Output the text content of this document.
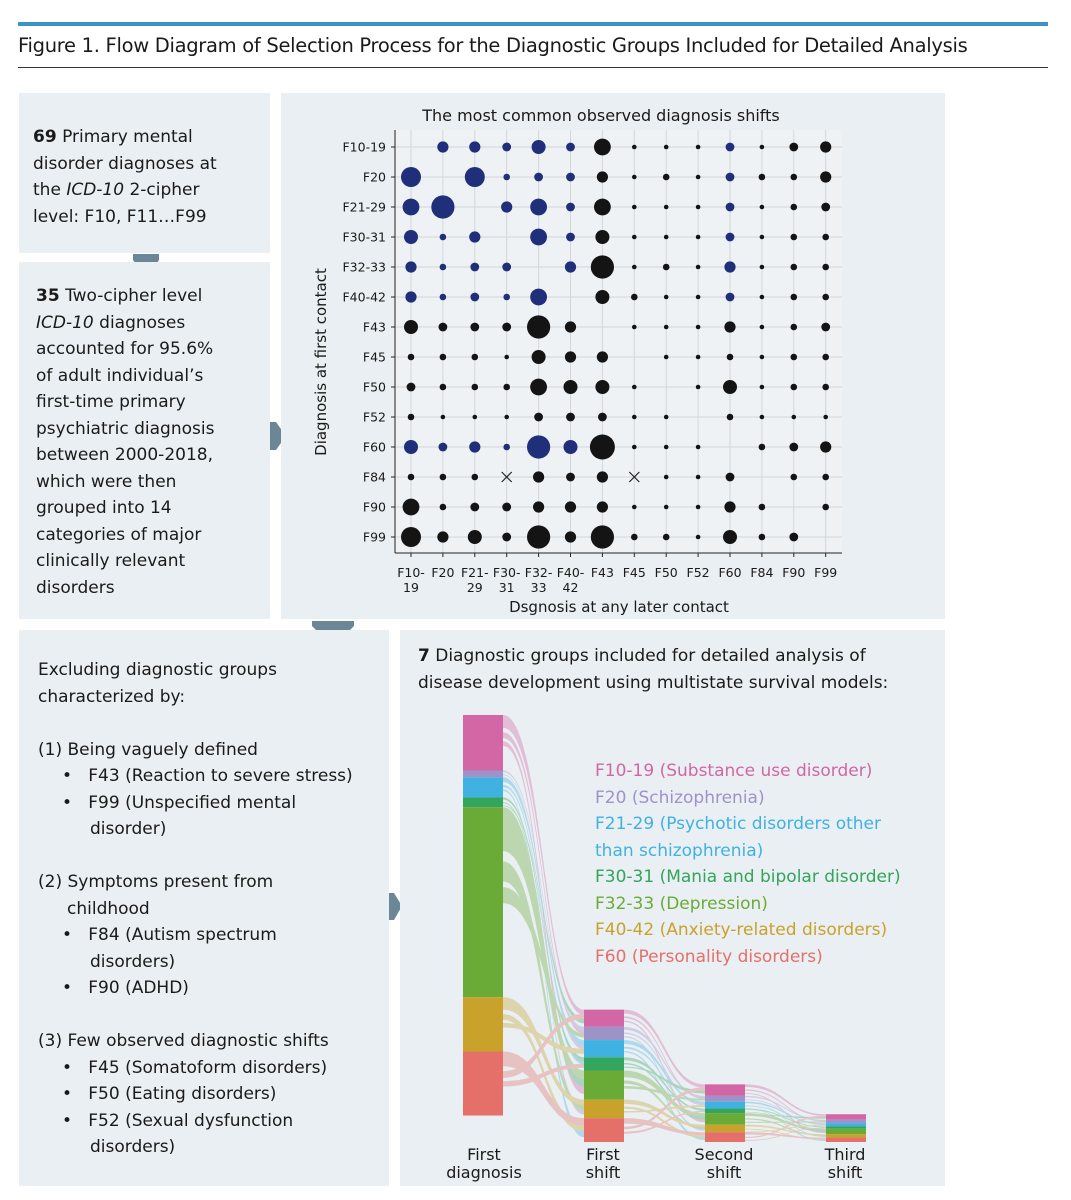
Figure 1. Flow Diagram of Selection Process for the Diagnostic Groups Included for Detailed Analysis
69 Primary mental
disorder diagnoses at
the ICD-10 2-cipher
level: F10, F11…F99
35 Two-cipher level
ICD-10 diagnoses
accounted for 95.6%
of adult individual’s
first-time primary
psychiatric diagnosis
between 2000-2018,
which were then
grouped into 14
categories of major
clinically relevant
disorders
The most common observed diagnosis shifts
F10-19
F20
F21-29
F30-31
F32-33
F40-42
F43
F45
F50
F52
F60
F84
F90
F99
F10-
19
F20 F21-
29
F30-
31
F32-
33
F40-
42
F43 F45 F50 F52 F60 F84 F90 F99
Dsgnosis at any later contact
Diagnosis at first contact
Excluding diagnostic groups
characterized by:
(1) Being vaguely defined
• F43 (Reaction to severe stress)
• F99 (Unspecified mental
disorder)
(2) Symptoms present from
childhood
• F84 (Autism spectrum
disorders)
• F90 (ADHD)
(3) Few observed diagnostic shifts
• F45 (Somatoform disorders)
• F50 (Eating disorders)
• F52 (Sexual dysfunction
disorders)
7 Diagnostic groups included for detailed analysis of
disease development using multistate survival models:
F10-19 (Substance use disorder)
F20 (Schizophrenia)
F21-29 (Psychotic disorders other
than schizophrenia)
F30-31 (Mania and bipolar disorder)
F32-33 (Depression)
F40-42 (Anxiety-related disorders)
F60 (Personality disorders)
First
diagnosis
First
shift
Second
shift
Third
shift
